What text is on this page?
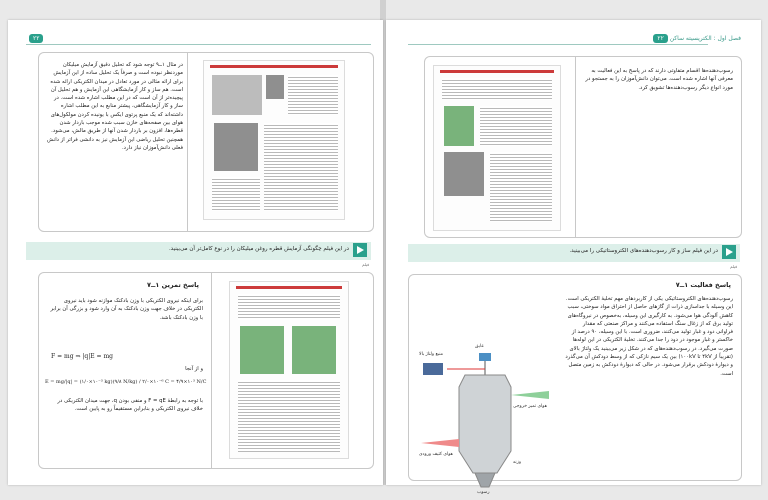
۲۲
در مثال ۱ــ۹ توجه شود که تحلیل دقیق آزمایش میلیکان موردنظر نبوده است و صرفاً یک تحلیل ساده از این آزمایش برای ارائه مثالی در مورد تعادل در میدان الکتریکی ارائه شده است. هم ساز و کار آزمایشگاهی این آزمایش و هم تحلیل آن پیچیده‌تر از آن است که در این مطلب اشاره شده است. در ساز و کار آزمایشگاهی، پیشتر منابع به این مطلب اشاره داشته‌اند که یک منبع پرتوی ایکس با یونیده کردن مولکول‌های هوای بین صفحه‌های خازن سبب شده موجب باردار شدن قطره‌ها، افزون بر باردار شدن آنها از طریق مالش، می‌شود. همچنین تحلیل ریاضی این آزمایش نیز به دانشی فراتر از دانش فعلی دانش‌آموزان نیاز دارد.
در این فیلم چگونگی آزمایش قطره روغن میلیکان را در نوع کامل‌تر آن می‌بینید.
فیلم
پاسخ تمرین ۱ــ۷
برای اینکه نیروی الکتریکی با وزن بادکنک موازنه شود باید نیروی الکتریکی در خلاف جهت وزن بادکنک به آن وارد شود و بزرگی آن برابر با وزن بادکنک باشد.
F = mg ⇒ |q|E = mg
و از آنجا
E = mg/|q| = (۱/۰×۱۰⁻³ kg)(۹/۸ N/kg) / ۲/۰×۱۰⁻⁶ C = ۴/۹×۱۰³ N/C
با توجه به رابطهٔ F = qE و منفی بودن q، جهت میدان الکتریکی در خلاف نیروی الکتریکی و بنابراین مستقیماً رو به پایین است.
فصل اول : الکتریسیته ساکن ۲۲
رسوب‌دهنده‌ها اقسام متفاوتی دارند که در پاسخ به این فعالیت به معرفی آنها اشاره شده است. می‌توان دانش‌آموزان را به جستجو در مورد انواع دیگر رسوب‌دهنده‌ها تشویق کرد.
در این فیلم ساز و کار رسوب‌دهنده‌های الکتروستاتیکی را می‌بینید.
فیلم
پاسخ فعالیت ۱ــ۷
عایق
منبع ولتاژ بالا
هوای کثیف ورودی
هوای تمیز خروجی
وزنه
رسوب
رسوب‌دهنده‌های الکتروستاتیکی یکی از کاربردهای مهم تخلیهٔ الکتریکی است. این وسیله با جداسازی ذرات از گازهای حاصل از احتراق مواد سوختی، سبب کاهش آلودگی هوا می‌شود. به کارگیری این وسیله، به‌خصوص در نیروگاه‌های تولید برق که از زغال سنگ استفاده می‌کنند و مراکز صنعتی که مقدار فراوانی دود و غبار تولید می‌کنند، ضروری است. با این وسیله، ۹۰ درصد از خاکستر و غبار موجود در دود را جدا می‌کنند. تخلیهٔ الکتریکی در این لوله‌ها صورت می‌گیرد. در رسوب‌دهنده‌های که در شکل زیر می‌بینید یک ولتاژ بالای (تقریباً از ۴kV تا ۱۰۰kV) بین یک سیم نازکی که از وسط دودکش آن می‌گذرد و دیوارهٔ دودکش برقرار می‌شود. در حالی که دیوارهٔ دودکش به زمین متصل است.
